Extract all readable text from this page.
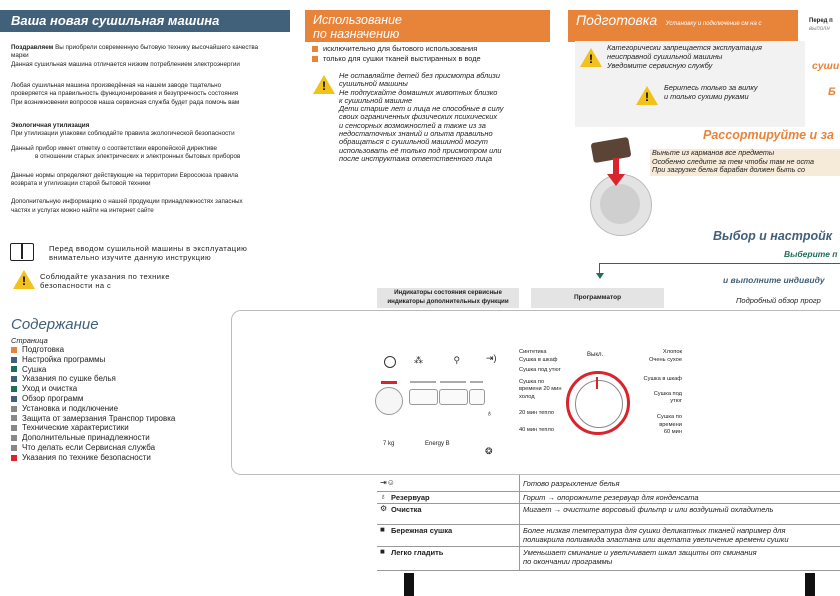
Ваша новая сушильная машина
Поздравляем Вы приобрели современную бытовую технику высочайшего качества марки
Данная сушильная машина отличается низким потреблением электроэнергии
Любая сушильная машина произведённая на нашем заводе тщательно
проверяется на правильность функционирования и безупречность состояния
При возникновении вопросов наша сервисная служба будет рада помочь вам
Экологичная утилизация
При утилизации упаковки соблюдайте правила экологической безопасности
Данный прибор имеет отметку о соответствии европейской директиве
в отношении старых электрических и электронных бытовых приборов
Данные нормы определяют действующие на территории Евросоюза правила
возврата и утилизации старой бытовой техники
Дополнительную информацию о нашей продукции принадлежностях запасных
частях и услугах можно найти на интернет сайте
Перед вводом сушильной машины в эксплуатацию
внимательно изучите данную инструкцию
! Соблюдайте указания по технике
безопасности на с
Содержание
Страница
Подготовка
Настройка программы
Сушка
Указания по сушке белья
Уход и очистка
Обзор программ
Установка и подключение
Защита от замерзания Транспор тировка
Технические характеристики
Дополнительные принадлежности
Что делать если Сервисная служба
Указания по технике безопасности
Использование
по назначению
исключительно для бытового использования
только для сушки тканей выстиранных в воде
!
Не оставляйте детей без присмотра вблизи
сушильной машины
Не подпускайте домашних животных близко
к сушильной машине
Дети старше лет и лица не способные в силу
своих ограниченных физических психических
и сенсорных возможностей а также из за
недостаточных знаний и опыта правильно
обращаться с сушильной машиной могут
использовать её только под присмотром или
после инструктажа ответственного лица
Подготовка Установку и подключение см на с	Перед п
выполн
!
Категорически запрещается эксплуатация
неисправной сушильной машины
Уведомите сервисную службу	суши
!
Беритесь только за вилку
и только сухими руками	Б
Рассортируйте и за
Выньте из карманов все предметы
Особенно следите за тем чтобы там не оста
При загрузке белья барабан должен быть со
Выбор и настройк
Выберите п
и выполните индивиду
Подробный обзор прогр
Индикаторы состояния сервисные
индикаторы дополнительных функции
Программатор
7 kg	Energy B
⁂ ⚲ ⇥)
♁
❂
Выкл.
Синтетика
Сушка в шкаф
Сушка под утюг
Сушка по времени 20 мин холод
20 мин тепло
40 мин тепло
Хлопок
Очень сухое
Сушка в шкаф
Сушка под утюг
Сушка по времени
60 мин
⇥☺	Готово разрыхление белья
Резервуар
♁	Горит → опорожните резервуар для конденсата
Очистка
⚙	Мигает → очистите ворсовый фильтр и или воздушный охладитель
Бережная сушка
■	Более низкая температура для сушки деликатных тканей например для
полиакрила полиамида эластана или ацетата увеличение времени сушки
Легко гладить
■	Уменьшает сминание и увеличивает шкал защиты от сминания
по окончании программы
